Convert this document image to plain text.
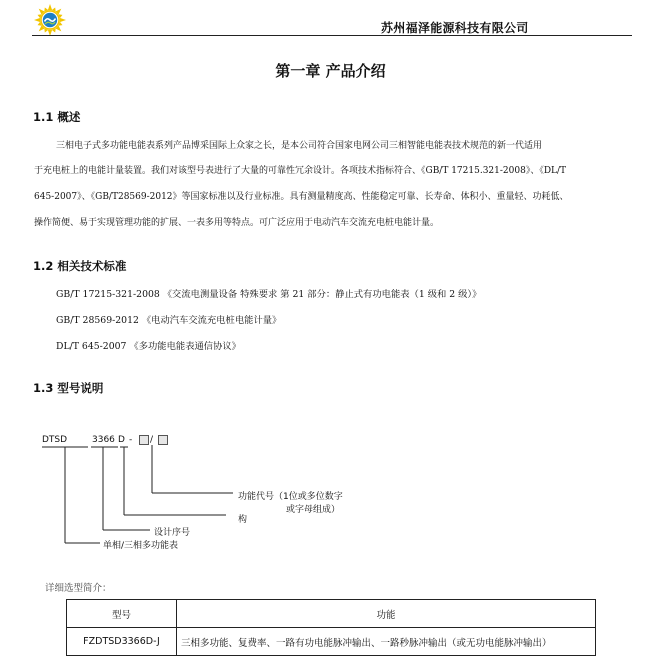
苏州福泽能源科技有限公司
第一章 产品介绍
1.1 概述
三相电子式多功能电能表系列产品博采国际上众家之长，是本公司符合国家电网公司三相智能电能表技术规范的新一代适用
于充电桩上的电能计量装置。我们对该型号表进行了大量的可靠性冗余设计。各项技术指标符合、《GB/T 17215.321-2008》、《DL/T
645-2007》、《GB/T28569-2012》等国家标准以及行业标准。具有测量精度高、性能稳定可靠、长寿命、体积小、重量轻、功耗低、
操作简便、易于实现管理功能的扩展、一表多用等特点。可广泛应用于电动汽车交流充电桩电能计量。
1.2 相关技术标准
GB/T 17215-321-2008 《交流电测量设备 特殊要求 第 21 部分：静止式有功电能表（1 级和 2 级）》
GB/T 28569-2012 《电动汽车交流充电桩电能计量》
DL/T 645-2007 《多功能电能表通信协议》
1.3 型号说明
DTSD	3366 D - /
功能代号（1位或多位数字
或字母组成）
构
设计序号
单相/三相多功能表
详细选型简介：
型号	功能
FZDTSD3366D-J	三相多功能、复费率、一路有功电能脉冲输出、一路秒脉冲输出（或无功电能脉冲输出）
